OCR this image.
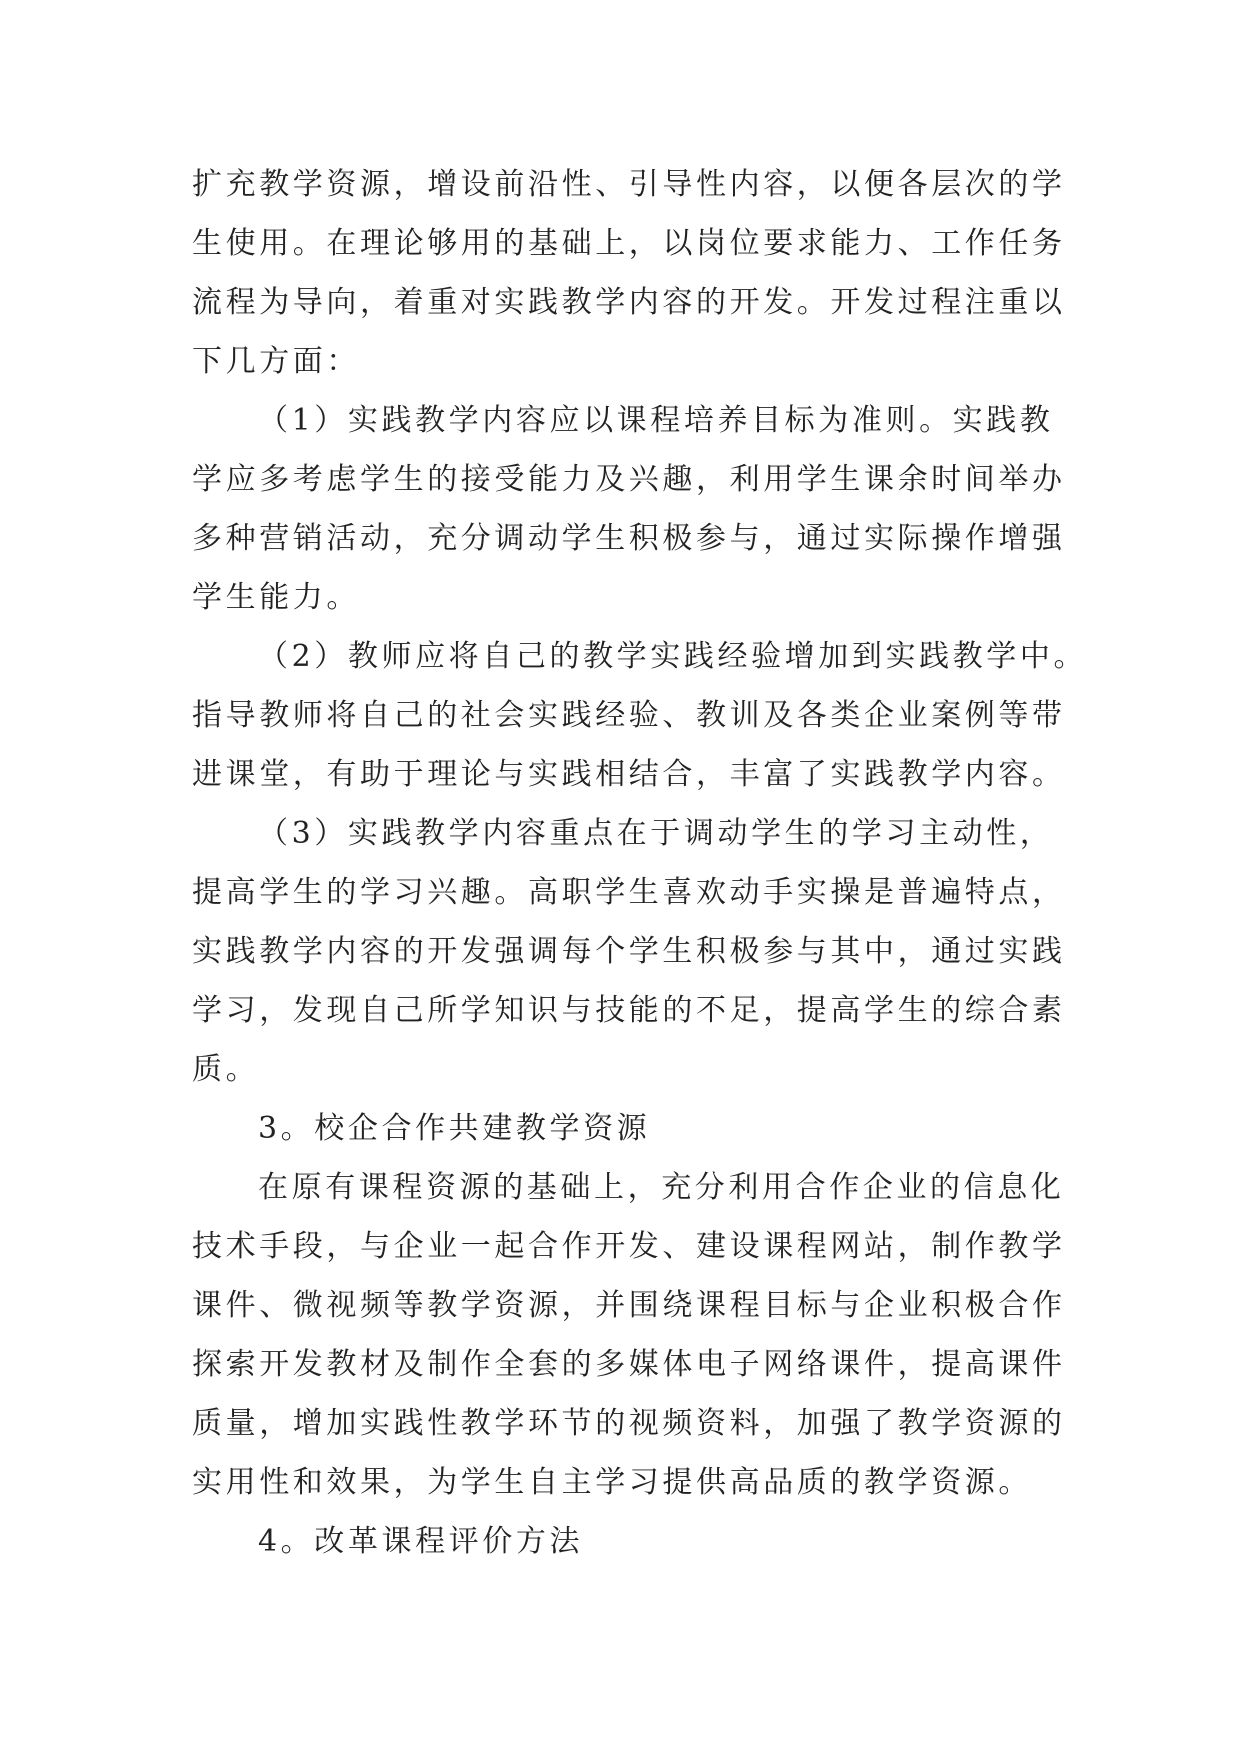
扩充教学资源，增设前沿性、引导性内容，以便各层次的学
生使用。在理论够用的基础上，以岗位要求能力、工作任务
流程为导向，着重对实践教学内容的开发。开发过程注重以
下几方面：
（1）实践教学内容应以课程培养目标为准则。实践教
学应多考虑学生的接受能力及兴趣，利用学生课余时间举办
多种营销活动，充分调动学生积极参与，通过实际操作增强
学生能力。
（2）教师应将自己的教学实践经验增加到实践教学中。
指导教师将自己的社会实践经验、教训及各类企业案例等带
进课堂，有助于理论与实践相结合，丰富了实践教学内容。
（3）实践教学内容重点在于调动学生的学习主动性，
提高学生的学习兴趣。高职学生喜欢动手实操是普遍特点，
实践教学内容的开发强调每个学生积极参与其中，通过实践
学习，发现自己所学知识与技能的不足，提高学生的综合素
质。
3。校企合作共建教学资源
在原有课程资源的基础上，充分利用合作企业的信息化
技术手段，与企业一起合作开发、建设课程网站，制作教学
课件、微视频等教学资源，并围绕课程目标与企业积极合作
探索开发教材及制作全套的多媒体电子网络课件，提高课件
质量，增加实践性教学环节的视频资料，加强了教学资源的
实用性和效果，为学生自主学习提供高品质的教学资源。
4。改革课程评价方法
